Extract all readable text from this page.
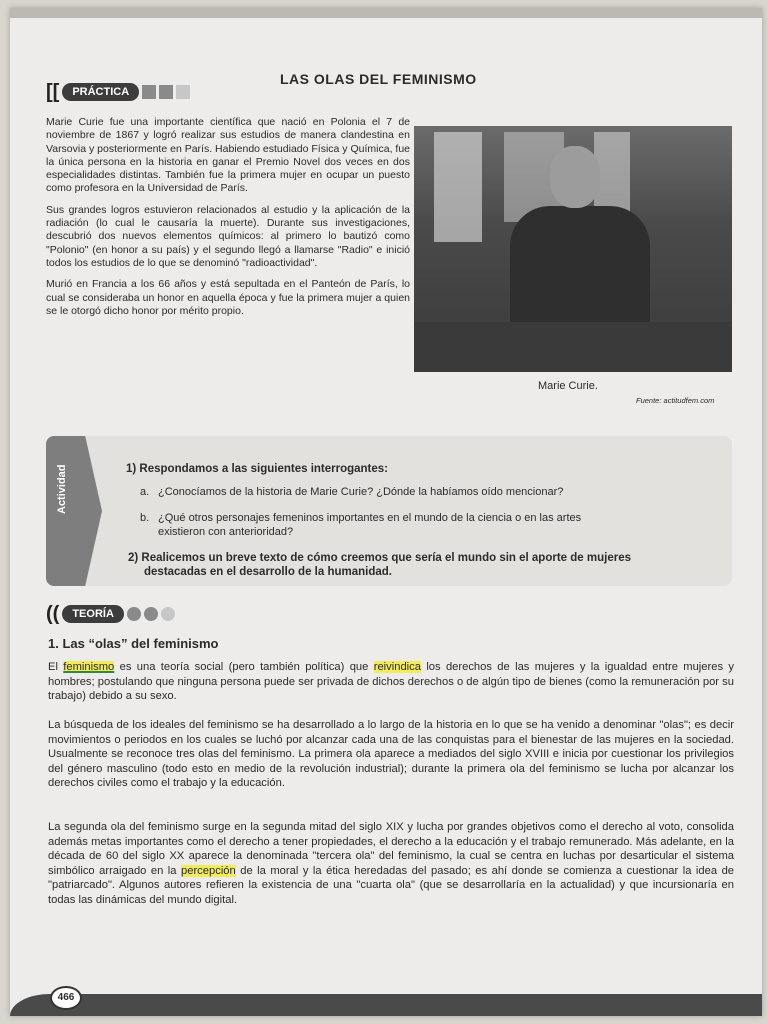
LAS OLAS DEL FEMINISMO
[[	PRÁCTICA

Marie Curie fue una importante científica que nació en Polonia el 7 de noviembre de 1867 y logró realizar sus estudios de manera clandestina en Varsovia y posteriormente en París. Habiendo estudiado Física y Química, fue la única persona en la historia en ganar el Premio Novel dos veces en dos especialidades distintas. También fue la primera mujer en ocupar un puesto como profesora en la Universidad de París.

Sus grandes logros estuvieron relacionados al estudio y la aplicación de la radiación (lo cual le causaría la muerte). Durante sus investigaciones, descubrió dos nuevos elementos químicos: al primero lo bautizó como "Polonio" (en honor a su país) y el segundo llegó a llamarse "Radio" e inició todos los estudios de lo que se denominó "radioactividad".

Murió en Francia a los 66 años y está sepultada en el Panteón de París, lo cual se consideraba un honor en aquella época y fue la primera mujer a quien se le otorgó dicho honor por mérito propio.

Marie Curie.
Fuente: actitudfem.com
Actividad	1) Respondamos a las siguientes interrogantes:
a. ¿Conocíamos de la historia de Marie Curie? ¿Dónde la habíamos oído mencionar?
b. ¿Qué otros personajes femeninos importantes en el mundo de la ciencia o en las artes
existieron con anterioridad?
2) Realicemos un breve texto de cómo creemos que sería el mundo sin el aporte de mujeres
destacadas en el desarrollo de la humanidad.
((	TEORÍA
1. Las “olas” del feminismo

El feminismo es una teoría social (pero también política) que reivindica los derechos de las mujeres y la igualdad entre mujeres y hombres; postulando que ninguna persona puede ser privada de dichos derechos o de algún tipo de bienes (como la remuneración por su trabajo) debido a su sexo.

La búsqueda de los ideales del feminismo se ha desarrollado a lo largo de la historia en lo que se ha venido a denominar "olas"; es decir movimientos o periodos en los cuales se luchó por alcanzar cada una de las conquistas para el bienestar de las mujeres en la sociedad. Usualmente se reconoce tres olas del feminismo. La primera ola aparece a mediados del siglo XVIII e inicia por cuestionar los privilegios del género masculino (todo esto en medio de la revolución industrial); durante la primera ola del feminismo se lucha por alcanzar los derechos civiles como el trabajo y la educación.

La segunda ola del feminismo surge en la segunda mitad del siglo XIX y lucha por grandes objetivos como el derecho al voto, consolida además metas importantes como el derecho a tener propiedades, el derecho a la educación y el trabajo remunerado. Más adelante, en la década de 60 del siglo XX aparece la denominada "tercera ola" del feminismo, la cual se centra en luchas por desarticular el sistema simbólico arraigado en la percepción de la moral y la ética heredadas del pasado; es ahí donde se comienza a cuestionar la idea de "patriarcado". Algunos autores refieren la existencia de una "cuarta ola" (que se desarrollaría en la actualidad) y que incursionaría en todas las dinámicas del mundo digital.

466
